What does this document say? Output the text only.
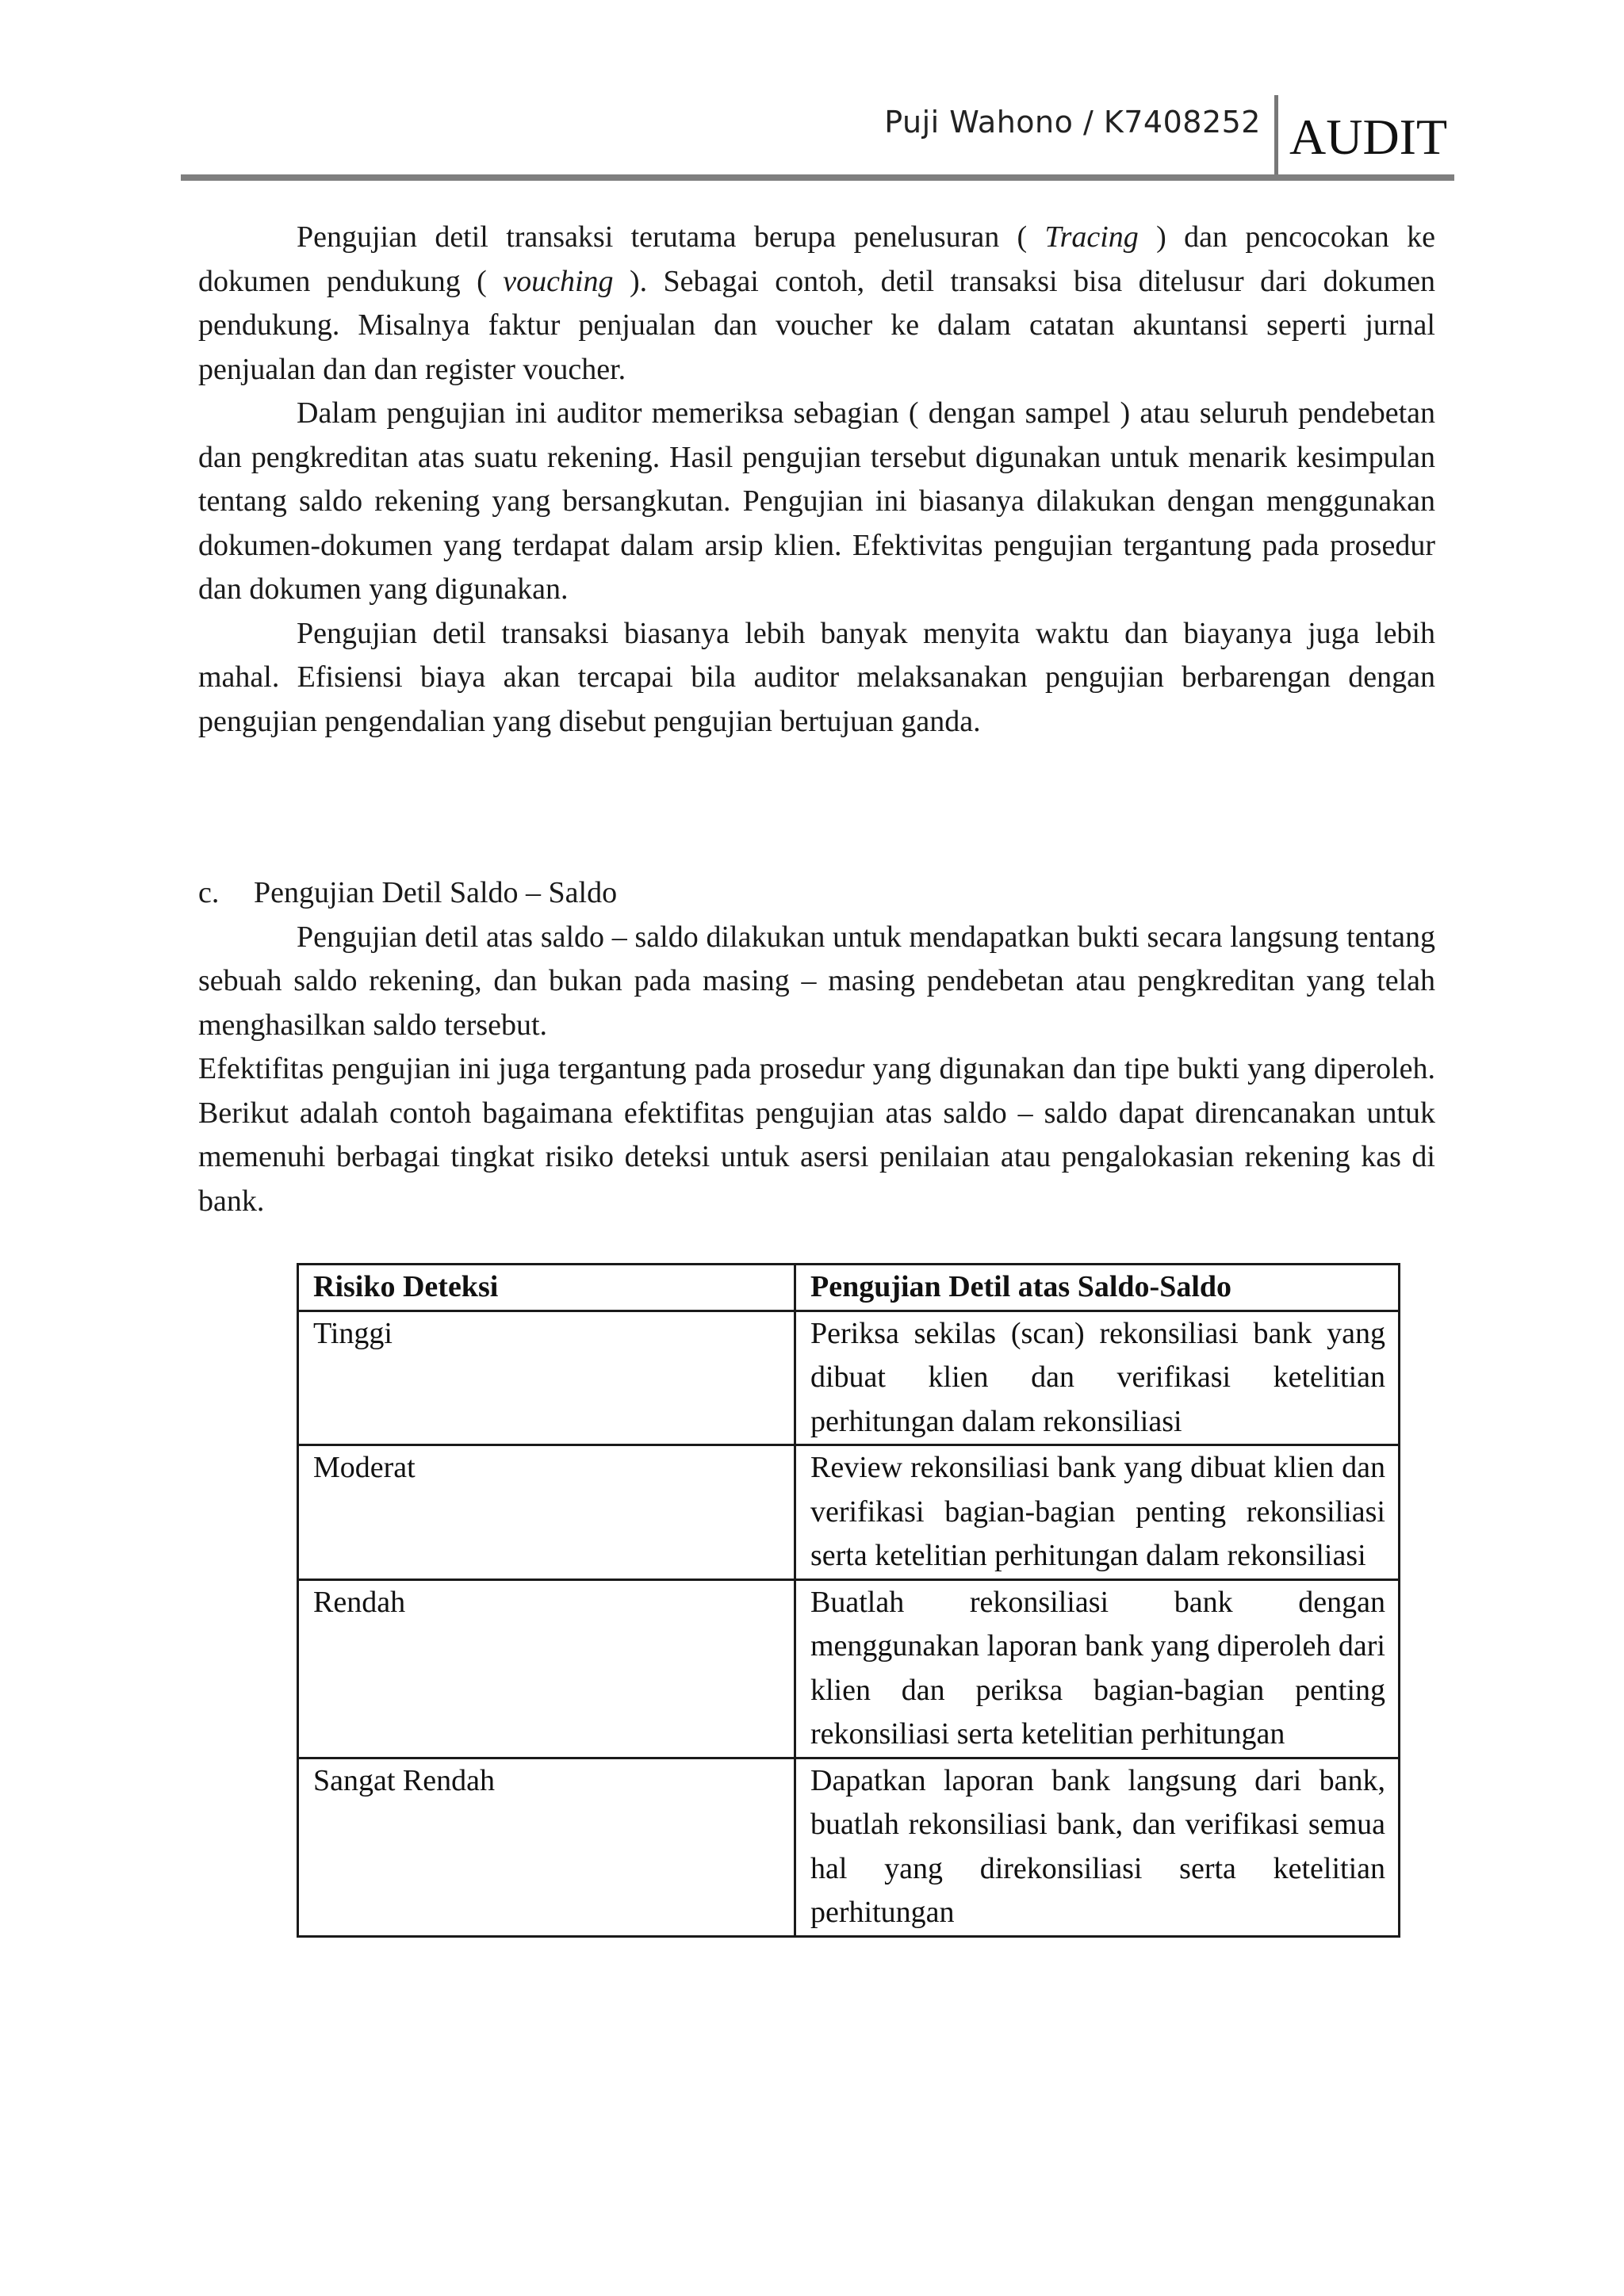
Puji Wahono / K7408252 AUDIT

Pengujian detil transaksi terutama berupa penelusuran ( Tracing ) dan pencocokan ke dokumen pendukung ( vouching ). Sebagai contoh, detil transaksi bisa ditelusur dari dokumen pendukung. Misalnya faktur penjualan dan voucher ke dalam catatan akuntansi seperti jurnal penjualan dan dan register voucher.

Dalam pengujian ini auditor memeriksa sebagian ( dengan sampel ) atau seluruh pendebetan dan pengkreditan atas suatu rekening. Hasil pengujian tersebut digunakan untuk menarik kesimpulan tentang saldo rekening yang bersangkutan. Pengujian ini biasanya dilakukan dengan menggunakan dokumen-dokumen yang terdapat dalam arsip klien. Efektivitas pengujian tergantung pada prosedur dan dokumen yang digunakan.

Pengujian detil transaksi biasanya lebih banyak menyita waktu dan biayanya juga lebih mahal. Efisiensi biaya akan tercapai bila auditor melaksanakan pengujian berbarengan dengan pengujian pengendalian yang disebut pengujian bertujuan ganda.

c. Pengujian Detil Saldo – Saldo

Pengujian detil atas saldo – saldo dilakukan untuk mendapatkan bukti secara langsung tentang sebuah saldo rekening, dan bukan pada masing – masing pendebetan atau pengkreditan yang telah menghasilkan saldo tersebut.

Efektifitas pengujian ini juga tergantung pada prosedur yang digunakan dan tipe bukti yang diperoleh. Berikut adalah contoh bagaimana efektifitas pengujian atas saldo – saldo dapat direncanakan untuk memenuhi berbagai tingkat risiko deteksi untuk asersi penilaian atau pengalokasian rekening kas di bank.

Risiko Deteksi	Pengujian Detil atas Saldo-Saldo
Tinggi	Periksa sekilas (scan) rekonsiliasi bank yang dibuat klien dan verifikasi ketelitian perhitungan dalam rekonsiliasi
Moderat	Review rekonsiliasi bank yang dibuat klien dan verifikasi bagian-bagian penting rekonsiliasi serta ketelitian perhitungan dalam rekonsiliasi
Rendah	Buatlah rekonsiliasi bank dengan menggunakan laporan bank yang diperoleh dari klien dan periksa bagian-bagian penting rekonsiliasi serta ketelitian perhitungan
Sangat Rendah	Dapatkan laporan bank langsung dari bank, buatlah rekonsiliasi bank, dan verifikasi semua hal yang direkonsiliasi serta ketelitian perhitungan
